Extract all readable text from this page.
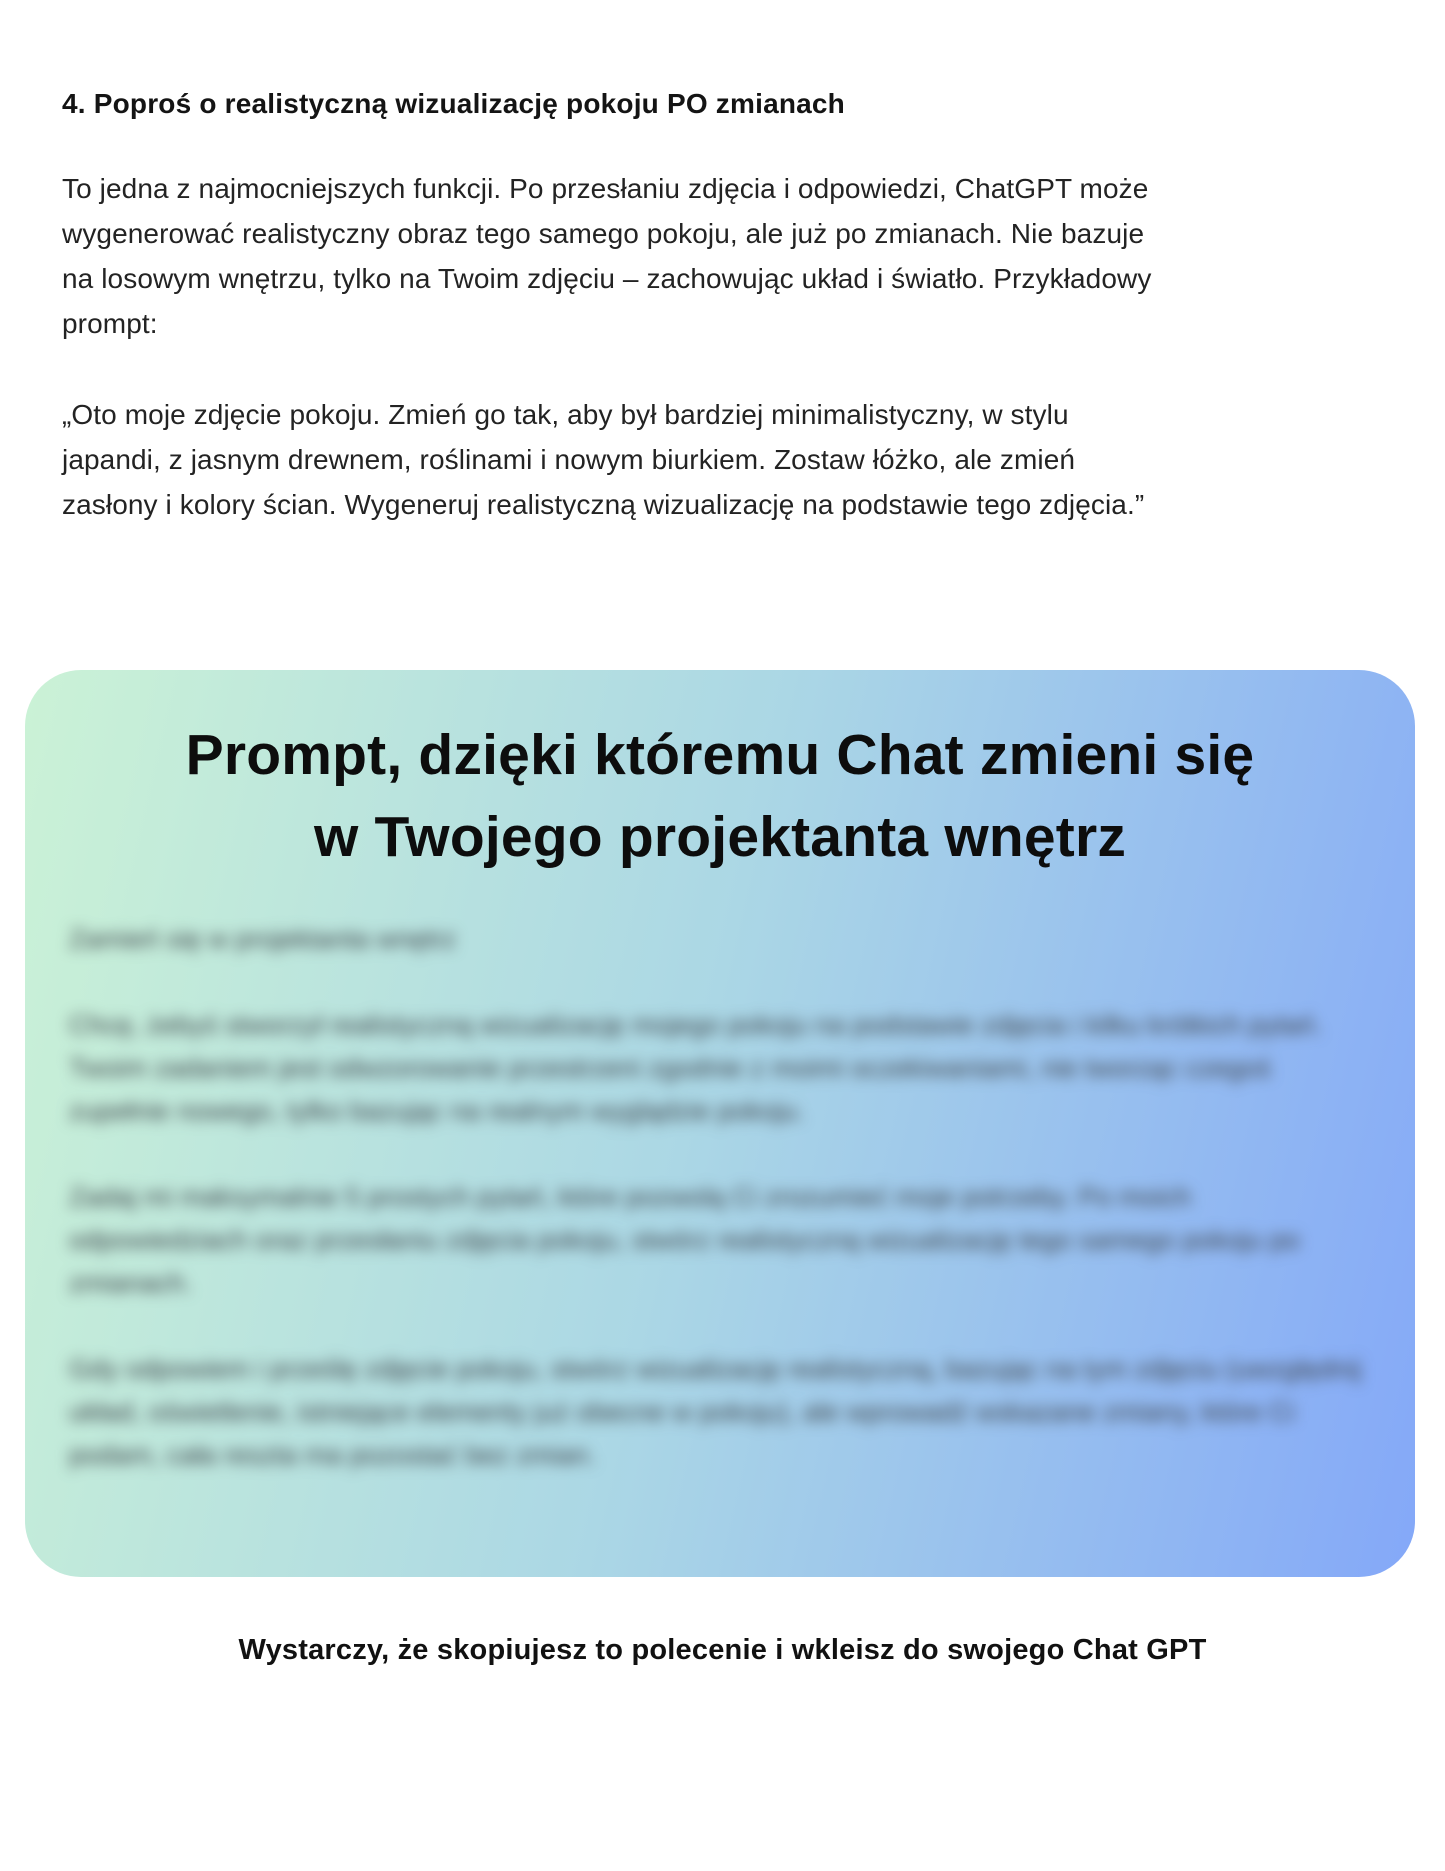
4. Poproś o realistyczną wizualizację pokoju PO zmianach

To jedna z najmocniejszych funkcji. Po przesłaniu zdjęcia i odpowiedzi, ChatGPT może wygenerować realistyczny obraz tego samego pokoju, ale już po zmianach. Nie bazuje na losowym wnętrzu, tylko na Twoim zdjęciu – zachowując układ i światło. Przykładowy prompt:

„Oto moje zdjęcie pokoju. Zmień go tak, aby był bardziej minimalistyczny, w stylu japandi, z jasnym drewnem, roślinami i nowym biurkiem. Zostaw łóżko, ale zmień zasłony i kolory ścian. Wygeneruj realistyczną wizualizację na podstawie tego zdjęcia.”

Prompt, dzięki któremu Chat zmieni się
w Twojego projektanta wnętrz

Zamień się w projektanta wnętrz

Chcę, żebyś stworzył realistyczną wizualizację mojego pokoju na podstawie zdjęcia i kilku krótkich pytań. Twoim zadaniem jest odwzorowanie przestrzeni zgodnie z moimi oczekiwaniami, nie tworząc czegoś zupełnie nowego, tylko bazując na realnym wyglądzie pokoju.

Zadaj mi maksymalnie 5 prostych pytań, które pozwolą Ci zrozumieć moje potrzeby. Po moich odpowiedziach oraz przesłaniu zdjęcia pokoju, stwórz realistyczną wizualizację tego samego pokoju po zmianach.

Gdy odpowiem i prześlę zdjęcie pokoju, stwórz wizualizację realistyczną, bazując na tym zdjęciu (uwzględnij układ, oświetlenie, istniejące elementy już obecne w pokoju), ale wprowadź wskazane zmiany, które Ci podam, cała reszta ma pozostać bez zmian.

Wystarczy, że skopiujesz to polecenie i wkleisz do swojego Chat GPT
